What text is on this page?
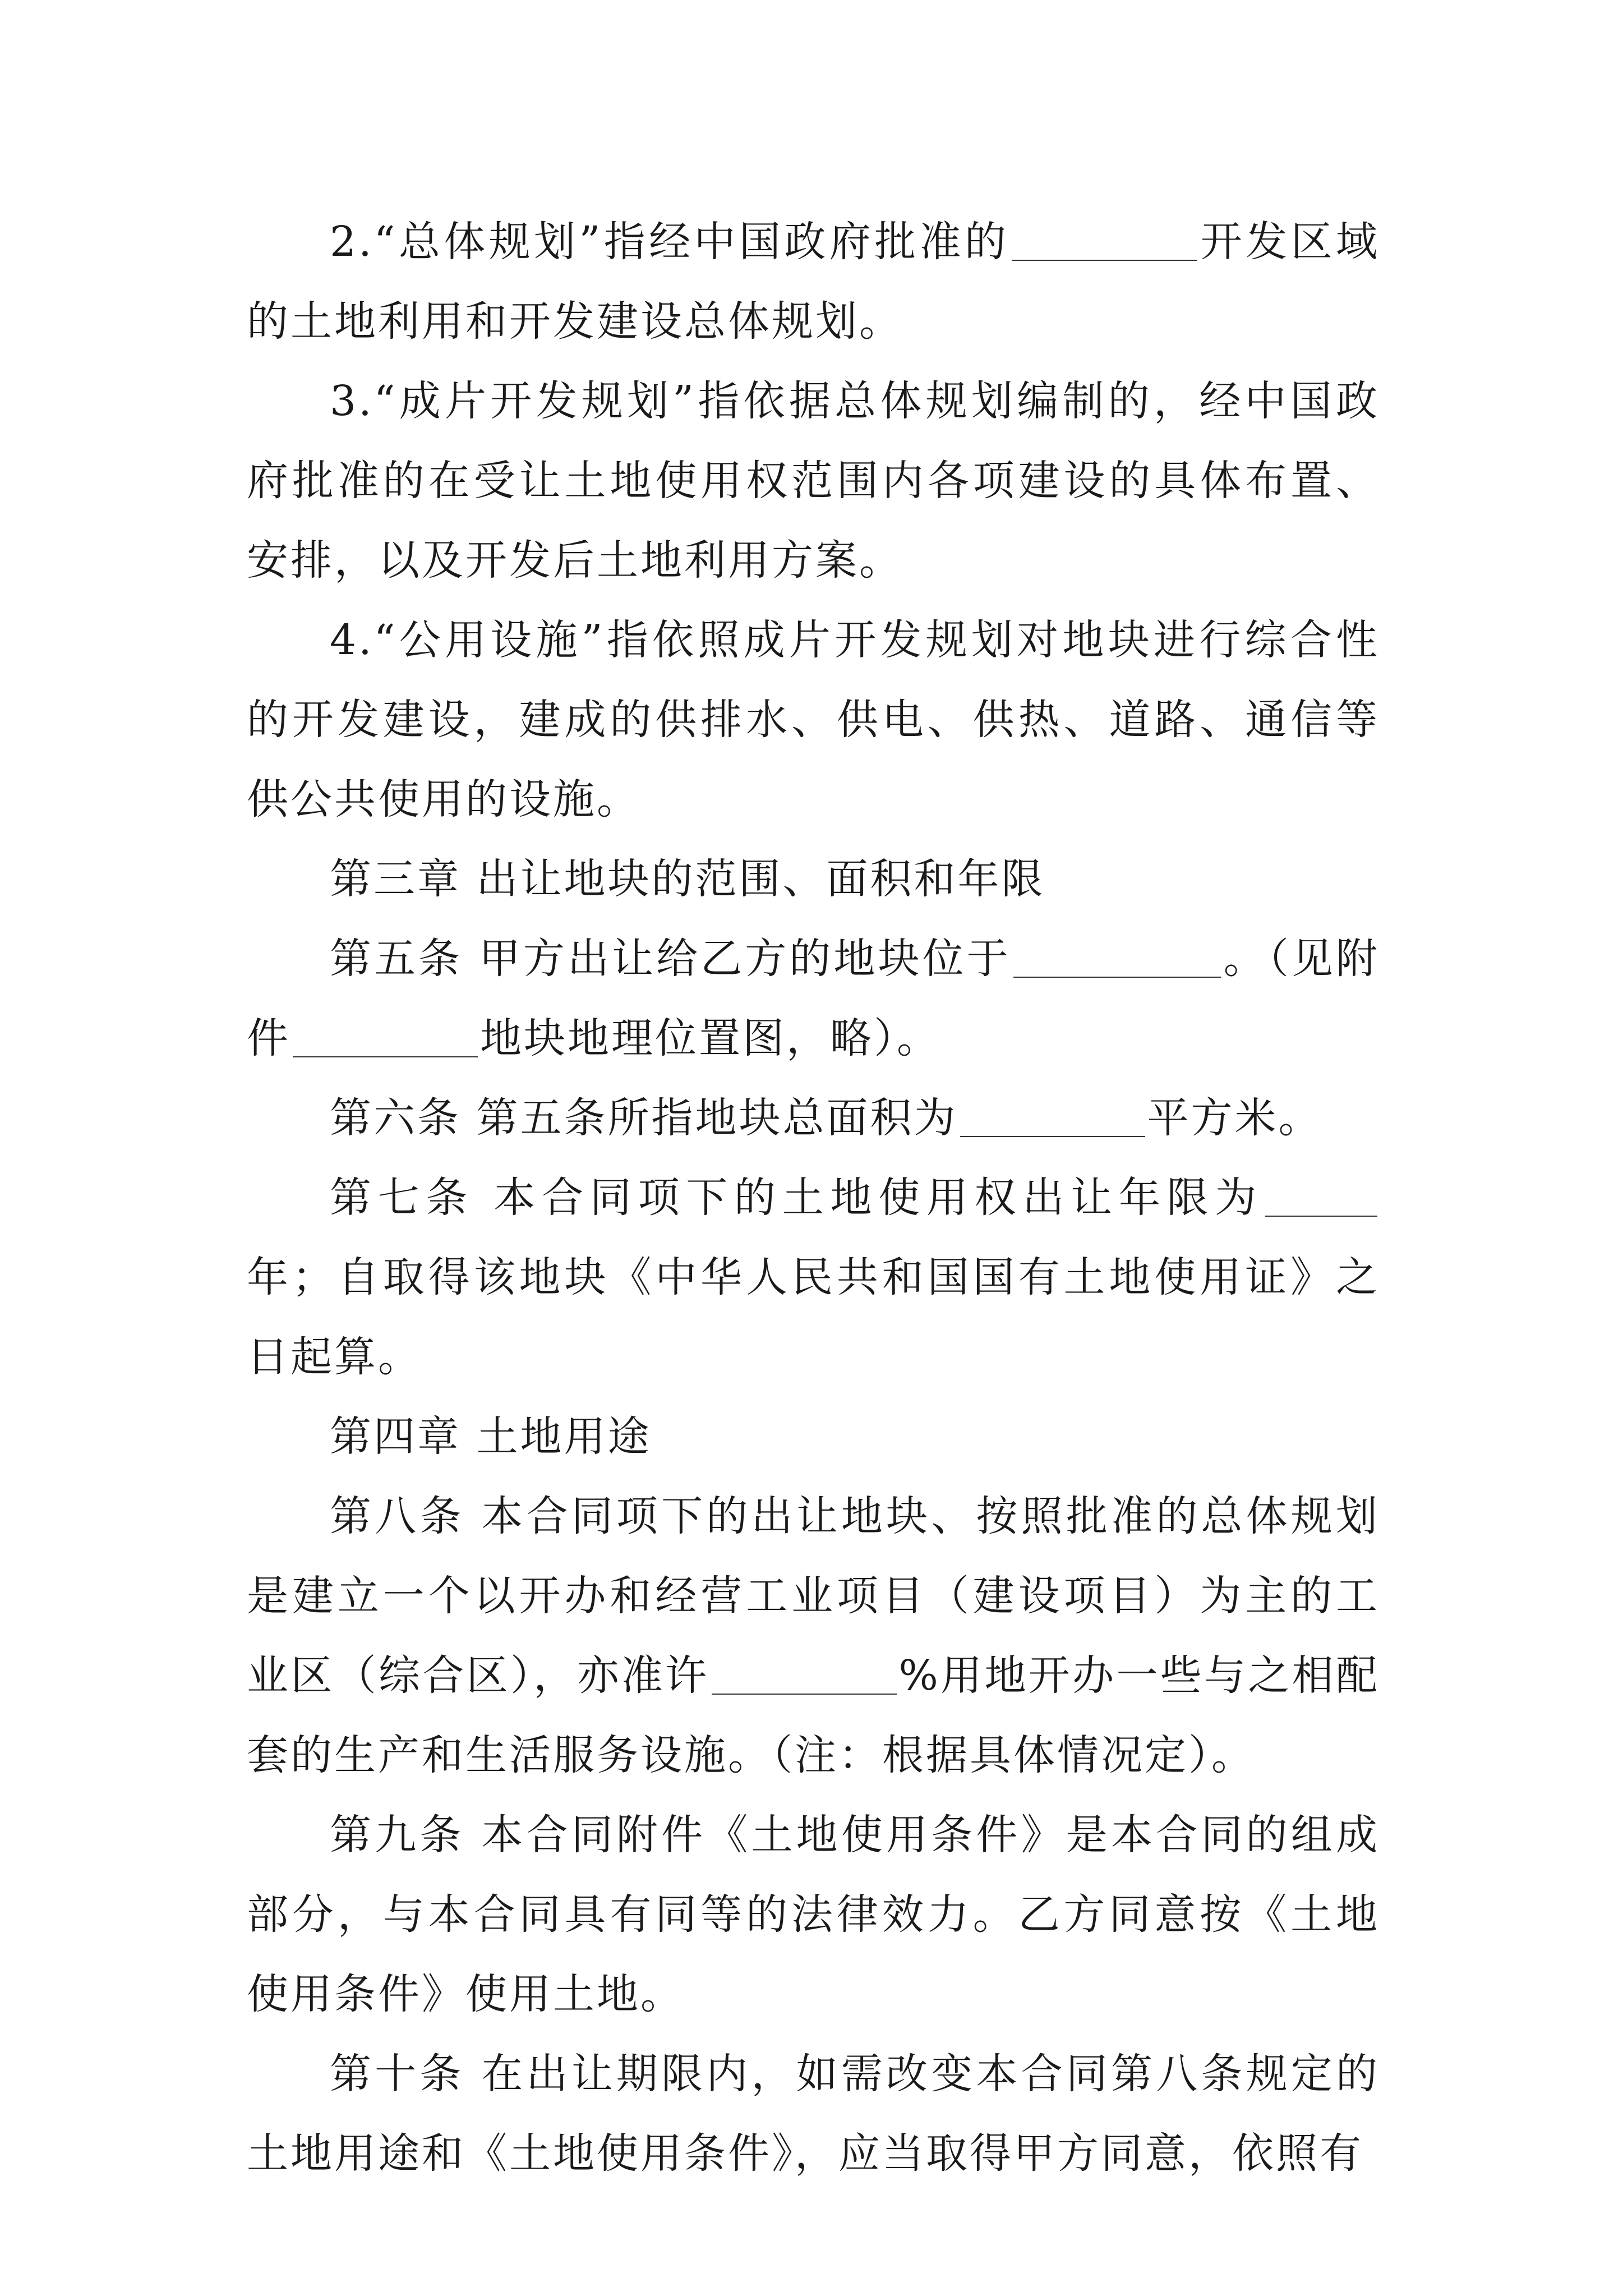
2.“总体规划”指经中国政府批准的	开发区域的土地利用和开发建设总体规划。

3.“成片开发规划”指依据总体规划编制的，经中国政府批准的在受让土地使用权范围内各项建设的具体布置、安排，以及开发后土地利用方案。

4.“公用设施”指依照成片开发规划对地块进行综合性的开发建设，建成的供排水、供电、供热、道路、通信等供公共使用的设施。

第三章 出让地块的范围、面积和年限

第五条 甲方出让给乙方的地块位于	。（见附件	地块地理位置图，略）。

第六条 第五条所指地块总面积为	平方米。

第七条 本合同项下的土地使用权出让年限为年；自取得该地块《中华人民共和国国有土地使用证》之日起算。

第四章 土地用途

第八条 本合同项下的出让地块、按照批准的总体规划是建立一个以开办和经营工业项目（建设项目）为主的工业区（综合区），亦准许	%用地开办一些与之相配套的生产和生活服务设施。（注：根据具体情况定）。

第九条 本合同附件《土地使用条件》是本合同的组成部分，与本合同具有同等的法律效力。乙方同意按《土地使用条件》使用土地。

第十条 在出让期限内，如需改变本合同第八条规定的土地用途和《土地使用条件》，应当取得甲方同意，依照有
